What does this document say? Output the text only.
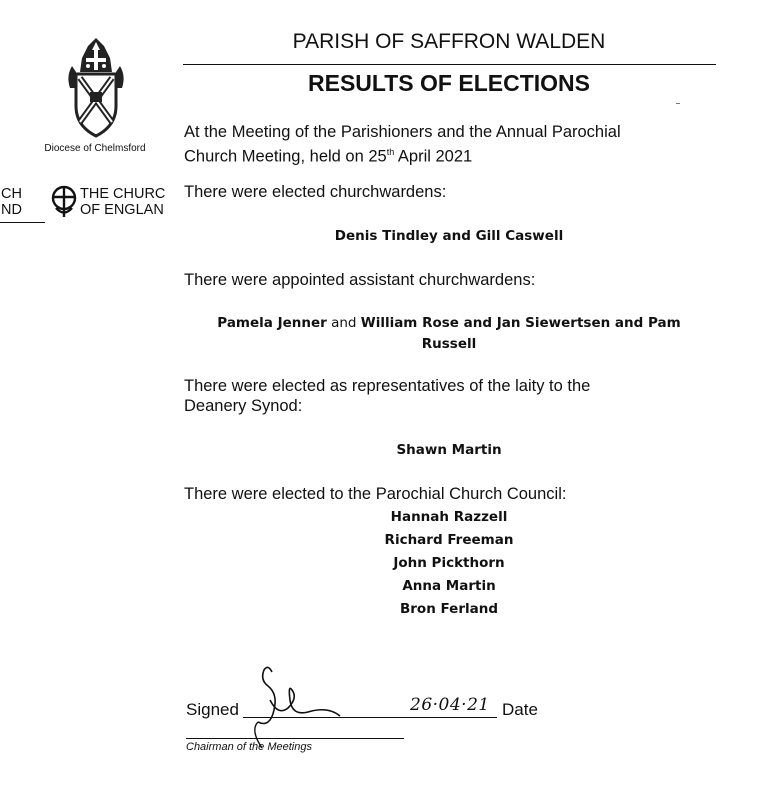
Diocese of Chelmsford
CH
ND
THE CHURC
OF ENGLAN
PARISH OF SAFFRON WALDEN
RESULTS OF ELECTIONS
At the Meeting of the Parishioners and the Annual Parochial
Church Meeting, held on 25th April 2021
There were elected churchwardens:
Denis Tindley and Gill Caswell
There were appointed assistant churchwardens:
Pamela Jenner and William Rose and Jan Siewertsen and Pam
Russell
There were elected as representatives of the laity to the
Deanery Synod:
Shawn Martin
There were elected to the Parochial Church Council:
Hannah Razzell
Richard Freeman
John Pickthorn
Anna Martin
Bron Ferland
Signed	26·04·21 Date
Chairman of the Meetings
